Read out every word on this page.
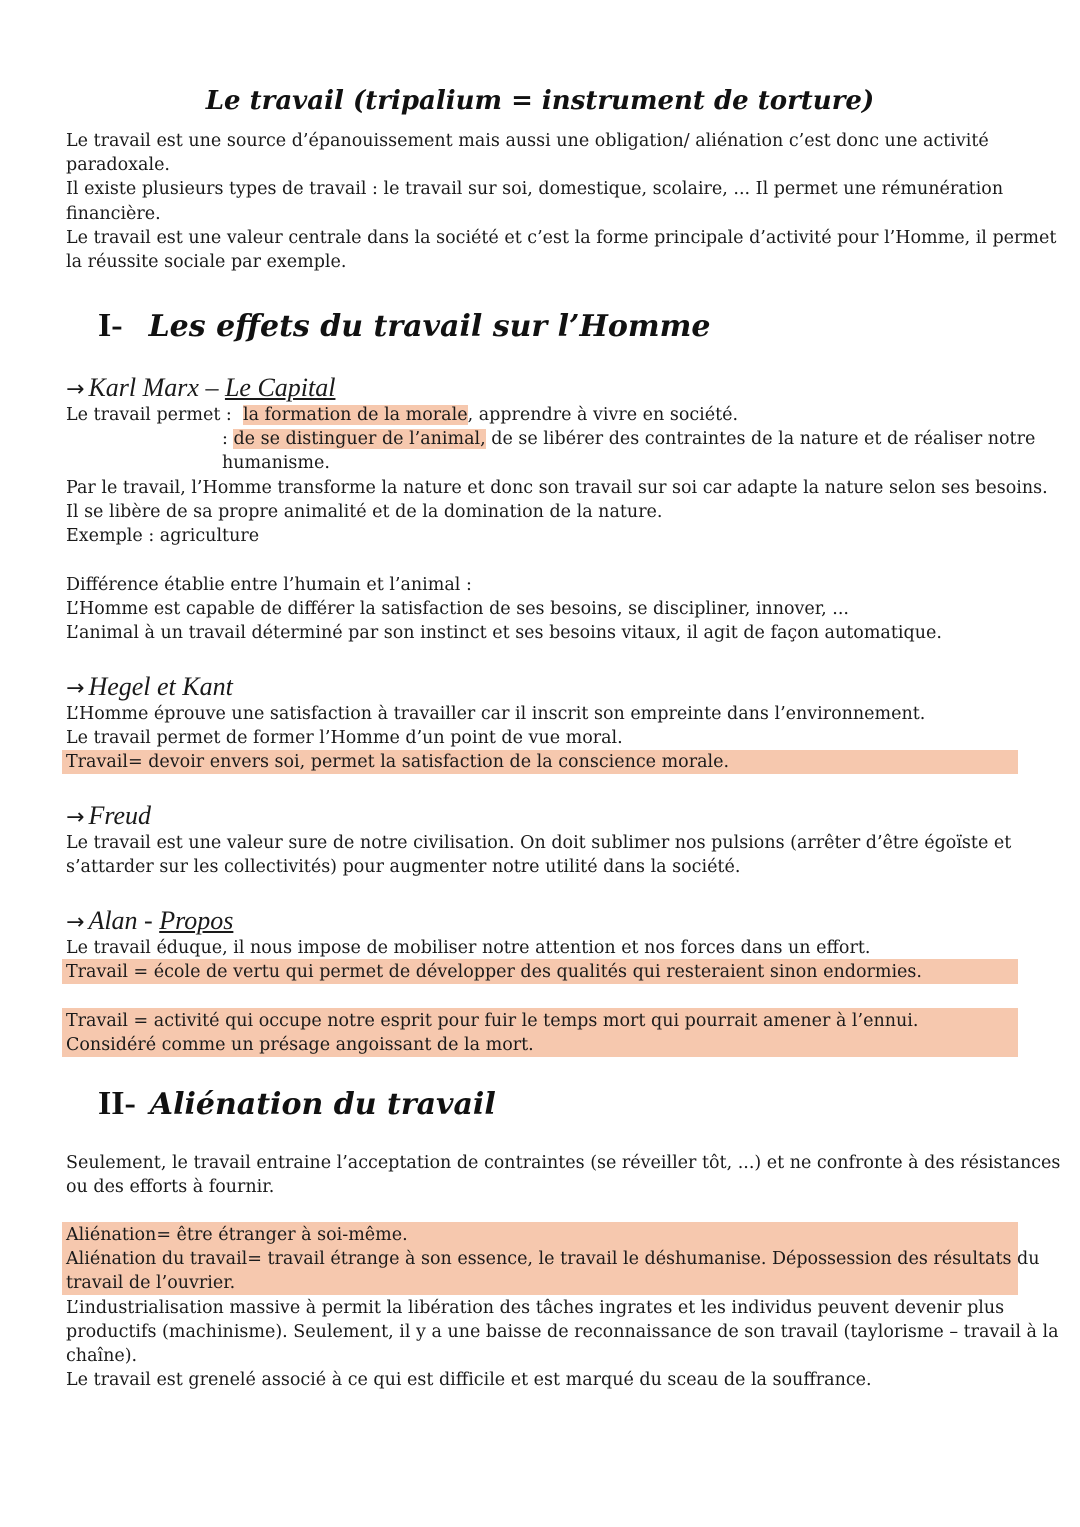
Le travail (tripalium = instrument de torture)

Le travail est une source d’épanouissement mais aussi une obligation/ aliénation c’est donc une activité
paradoxale.
Il existe plusieurs types de travail : le travail sur soi, domestique, scolaire, ... Il permet une rémunération
financière.
Le travail est une valeur centrale dans la société et c’est la forme principale d’activité pour l’Homme, il permet
la réussite sociale par exemple.

I- Les effets du travail sur l’Homme
→ Karl Marx – Le Capital

Le travail permet : la formation de la morale, apprendre à vivre en société.
: de se distinguer de l’animal, de se libérer des contraintes de la nature et de réaliser notre
humanisme.
Par le travail, l’Homme transforme la nature et donc son travail sur soi car adapte la nature selon ses besoins.
Il se libère de sa propre animalité et de la domination de la nature.
Exemple : agriculture

Différence établie entre l’humain et l’animal :
L’Homme est capable de différer la satisfaction de ses besoins, se discipliner, innover, ...
L’animal à un travail déterminé par son instinct et ses besoins vitaux, il agit de façon automatique.

→ Hegel et Kant

L’Homme éprouve une satisfaction à travailler car il inscrit son empreinte dans l’environnement.
Le travail permet de former l’Homme d’un point de vue moral.
Travail= devoir envers soi, permet la satisfaction de la conscience morale.

→ Freud

Le travail est une valeur sure de notre civilisation. On doit sublimer nos pulsions (arrêter d’être égoïste et
s’attarder sur les collectivités) pour augmenter notre utilité dans la société.

→ Alan - Propos

Le travail éduque, il nous impose de mobiliser notre attention et nos forces dans un effort.
Travail = école de vertu qui permet de développer des qualités qui resteraient sinon endormies.

Travail = activité qui occupe notre esprit pour fuir le temps mort qui pourrait amener à l’ennui.
Considéré comme un présage angoissant de la mort.

II- Aliénation du travail

Seulement, le travail entraine l’acceptation de contraintes (se réveiller tôt, ...) et ne confronte à des résistances
ou des efforts à fournir.

Aliénation= être étranger à soi-même.
Aliénation du travail= travail étrange à son essence, le travail le déshumanise. Dépossession des résultats du
travail de l’ouvrier.
L’industrialisation massive à permit la libération des tâches ingrates et les individus peuvent devenir plus
productifs (machinisme). Seulement, il y a une baisse de reconnaissance de son travail (taylorisme – travail à la
chaîne).
Le travail est grenelé associé à ce qui est difficile et est marqué du sceau de la souffrance.
